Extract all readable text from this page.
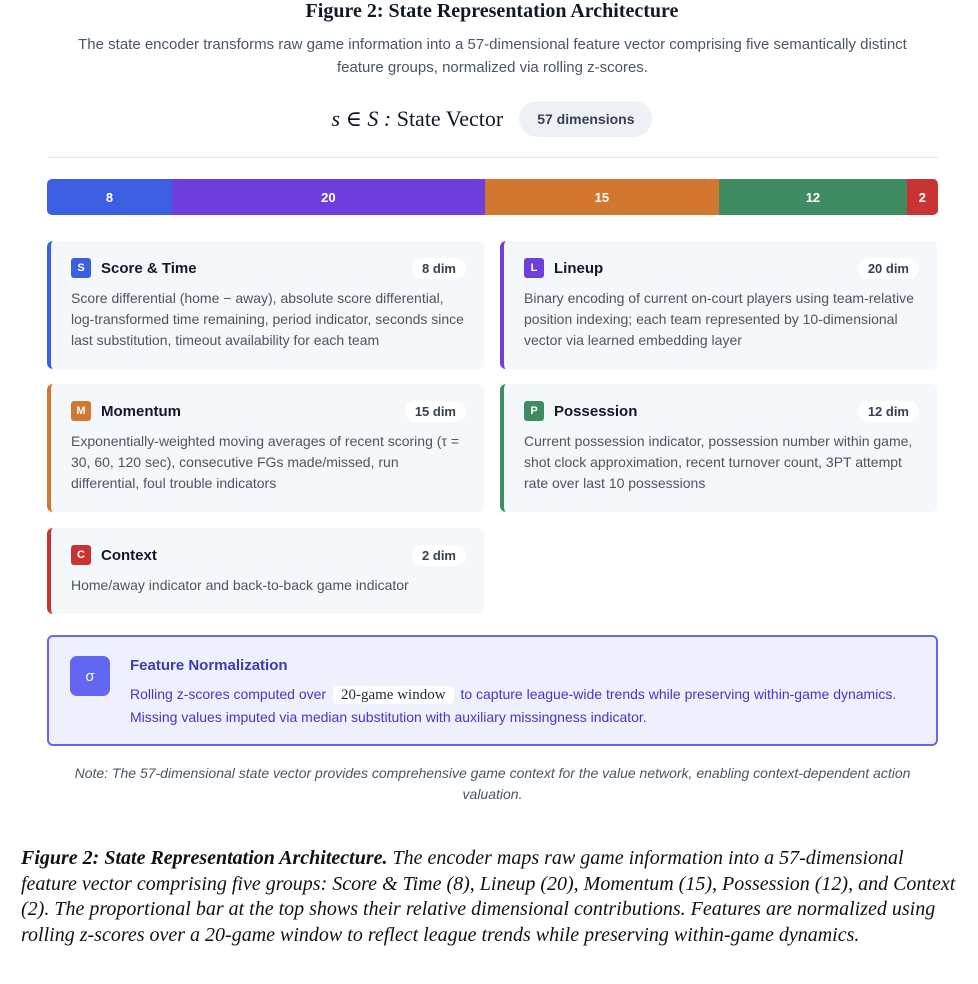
Figure 2: State Representation Architecture
The state encoder transforms raw game information into a 57-dimensional feature vector comprising five semantically distinct feature groups, normalized via rolling z-scores.
s ∈ S : State Vector	57 dimensions
8	20	15	12	2
S	Score & Time	8 dim
Score differential (home − away), absolute score differential, log-transformed time remaining, period indicator, seconds since last substitution, timeout availability for each team
L	Lineup	20 dim
Binary encoding of current on-court players using team-relative position indexing; each team represented by 10-dimensional vector via learned embedding layer
M	Momentum	15 dim
Exponentially-weighted moving averages of recent scoring (τ = 30, 60, 120 sec), consecutive FGs made/missed, run differential, foul trouble indicators
P	Possession	12 dim
Current possession indicator, possession number within game, shot clock approximation, recent turnover count, 3PT attempt rate over last 10 possessions
C	Context	2 dim
Home/away indicator and back-to-back game indicator
σ
Feature Normalization
Rolling z-scores computed over 20-game window to capture league-wide trends while preserving within-game dynamics. Missing values imputed via median substitution with auxiliary missingness indicator.
Note: The 57-dimensional state vector provides comprehensive game context for the value network, enabling context-dependent action valuation.
Figure 2: State Representation Architecture. The encoder maps raw game information into a 57-dimensional feature vector comprising five groups: Score & Time (8), Lineup (20), Momentum (15), Possession (12), and Context (2). The proportional bar at the top shows their relative dimensional contributions. Features are normalized using rolling z-scores over a 20-game window to reflect league trends while preserving within-game dynamics.
